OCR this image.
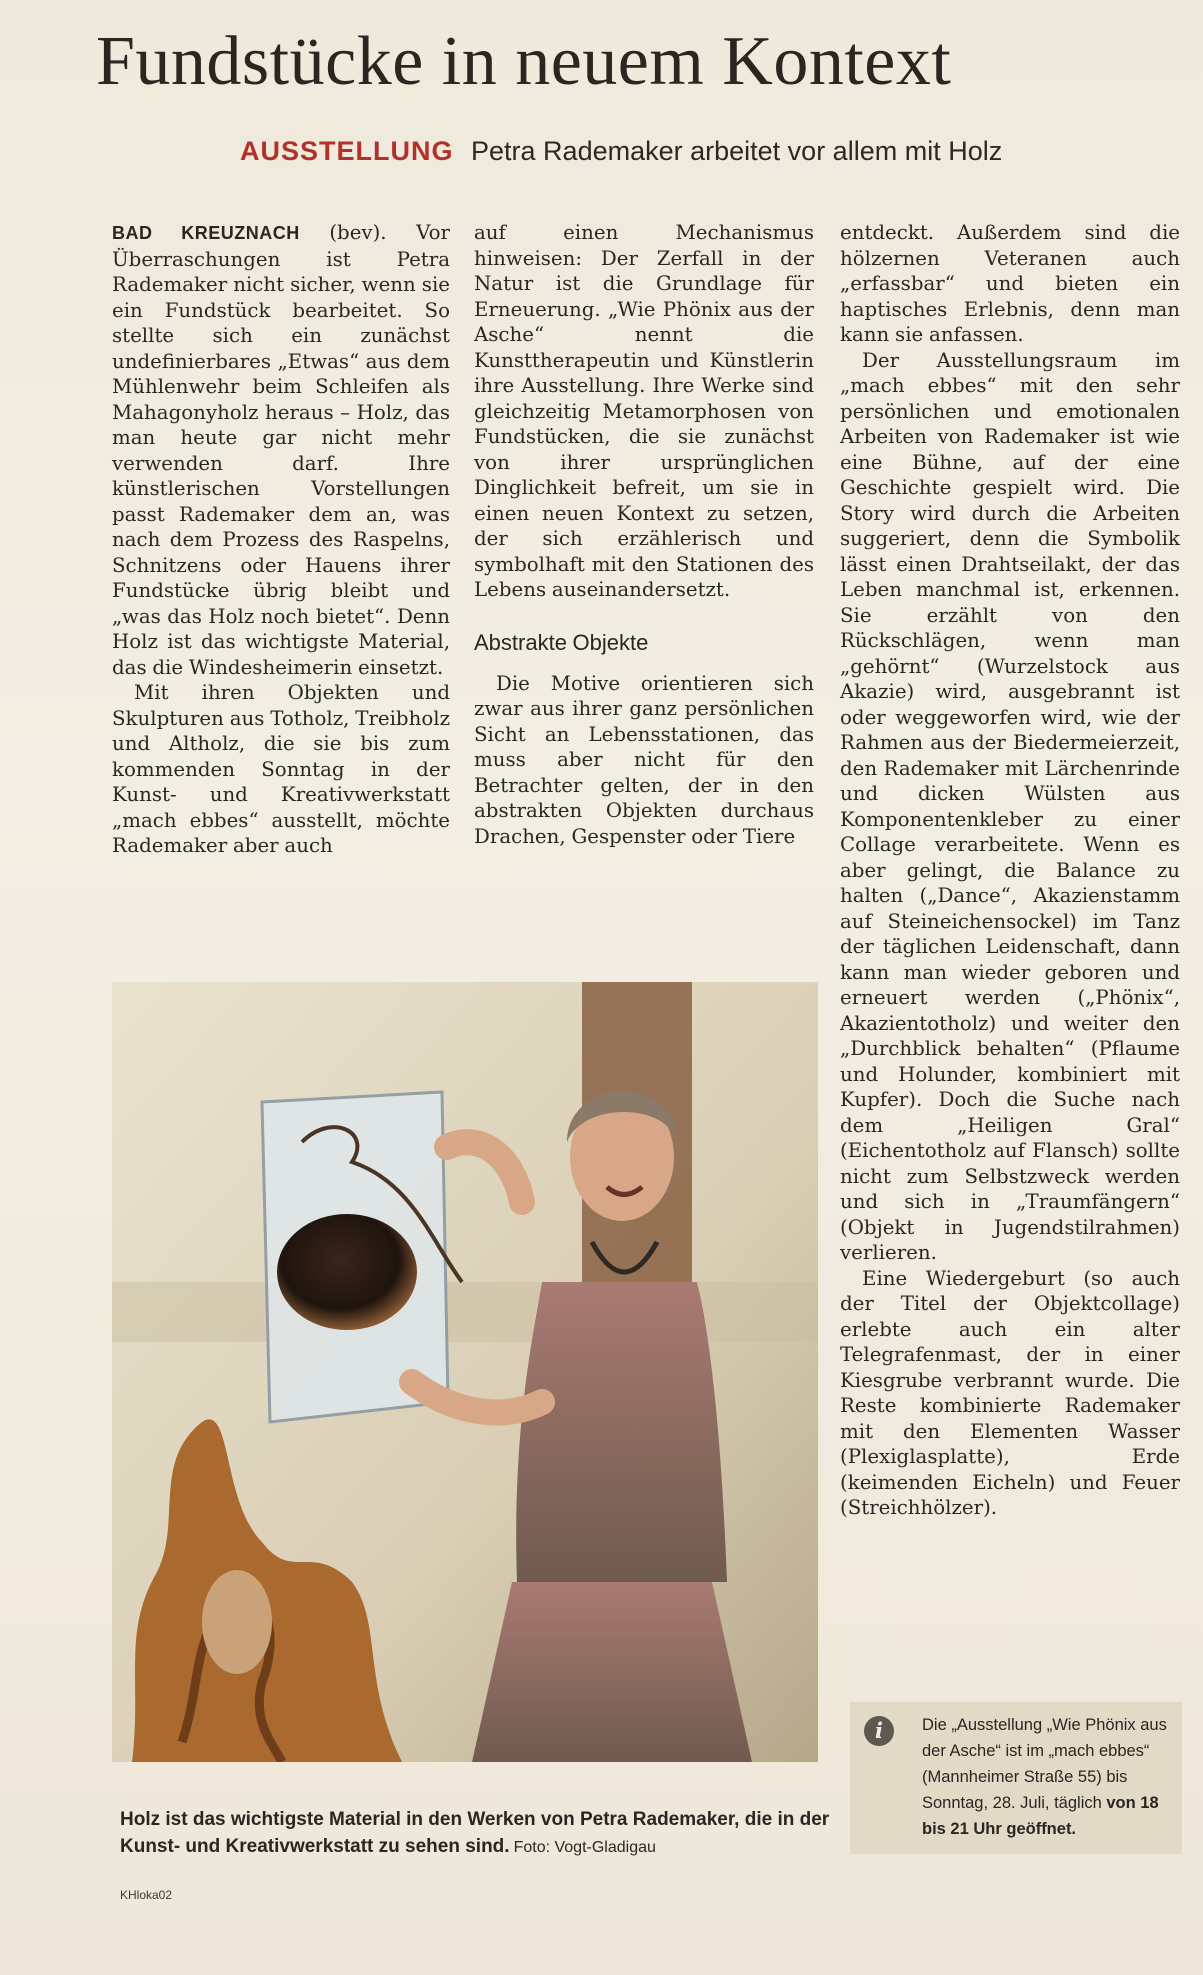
Fundstücke in neuem Kontext
AUSSTELLUNG Petra Rademaker arbeitet vor allem mit Holz

BAD KREUZNACH (bev). Vor Überraschungen ist Petra Rademaker nicht sicher, wenn sie ein Fundstück bearbeitet. So stellte sich ein zunächst undefinierbares „Etwas“ aus dem Mühlenwehr beim Schleifen als Mahagonyholz heraus – Holz, das man heute gar nicht mehr verwenden darf. Ihre künstlerischen Vorstellungen passt Rademaker dem an, was nach dem Prozess des Raspelns, Schnitzens oder Hauens ihrer Fundstücke übrig bleibt und „was das Holz noch bietet“. Denn Holz ist das wichtigste Material, das die Windesheimerin einsetzt.

Mit ihren Objekten und Skulpturen aus Totholz, Treibholz und Altholz, die sie bis zum kommenden Sonntag in der Kunst- und Kreativwerkstatt „mach ebbes“ ausstellt, möchte Rademaker aber auch

auf einen Mechanismus hinweisen: Der Zerfall in der Natur ist die Grundlage für Erneuerung. „Wie Phönix aus der Asche“ nennt die Kunsttherapeutin und Künstlerin ihre Ausstellung. Ihre Werke sind gleichzeitig Metamorphosen von Fundstücken, die sie zunächst von ihrer ursprünglichen Dinglichkeit befreit, um sie in einen neuen Kontext zu setzen, der sich erzählerisch und symbolhaft mit den Stationen des Lebens auseinandersetzt.

Abstrakte Objekte

Die Motive orientieren sich zwar aus ihrer ganz persönlichen Sicht an Lebensstationen, das muss aber nicht für den Betrachter gelten, der in den abstrakten Objekten durchaus Drachen, Gespenster oder Tiere

entdeckt. Außerdem sind die hölzernen Veteranen auch „erfassbar“ und bieten ein haptisches Erlebnis, denn man kann sie anfassen.

Der Ausstellungsraum im „mach ebbes“ mit den sehr persönlichen und emotionalen Arbeiten von Rademaker ist wie eine Bühne, auf der eine Geschichte gespielt wird. Die Story wird durch die Arbeiten suggeriert, denn die Symbolik lässt einen Drahtseilakt, der das Leben manchmal ist, erkennen. Sie erzählt von den Rückschlägen, wenn man „gehörnt“ (Wurzelstock aus Akazie) wird, ausgebrannt ist oder weggeworfen wird, wie der Rahmen aus der Biedermeierzeit, den Rademaker mit Lärchenrinde und dicken Wülsten aus Komponentenkleber zu einer Collage verarbeitete. Wenn es aber gelingt, die Balance zu halten („Dance“, Akazienstamm auf Steineichensockel) im Tanz der täglichen Leidenschaft, dann kann man wieder geboren und erneuert werden („Phönix“, Akazientotholz) und weiter den „Durchblick behalten“ (Pflaume und Holunder, kombiniert mit Kupfer). Doch die Suche nach dem „Heiligen Gral“ (Eichentotholz auf Flansch) sollte nicht zum Selbstzweck werden und sich in „Traumfängern“ (Objekt in Jugendstilrahmen) verlieren.

Eine Wiedergeburt (so auch der Titel der Objektcollage) erlebte auch ein alter Telegrafenmast, der in einer Kiesgrube verbrannt wurde. Die Reste kombinierte Rademaker mit den Elementen Wasser (Plexiglasplatte), Erde (keimenden Eicheln) und Feuer (Streichhölzer).

Holz ist das wichtigste Material in den Werken von Petra Rademaker, die in der Kunst- und Kreativwerkstatt zu sehen sind. Foto: Vogt-Gladigau
i	Die „Ausstellung „Wie Phönix aus der Asche“ ist im „mach ebbes“ (Mannheimer Straße 55) bis Sonntag, 28. Juli, täglich von 18 bis 21 Uhr geöffnet.
KHloka02
